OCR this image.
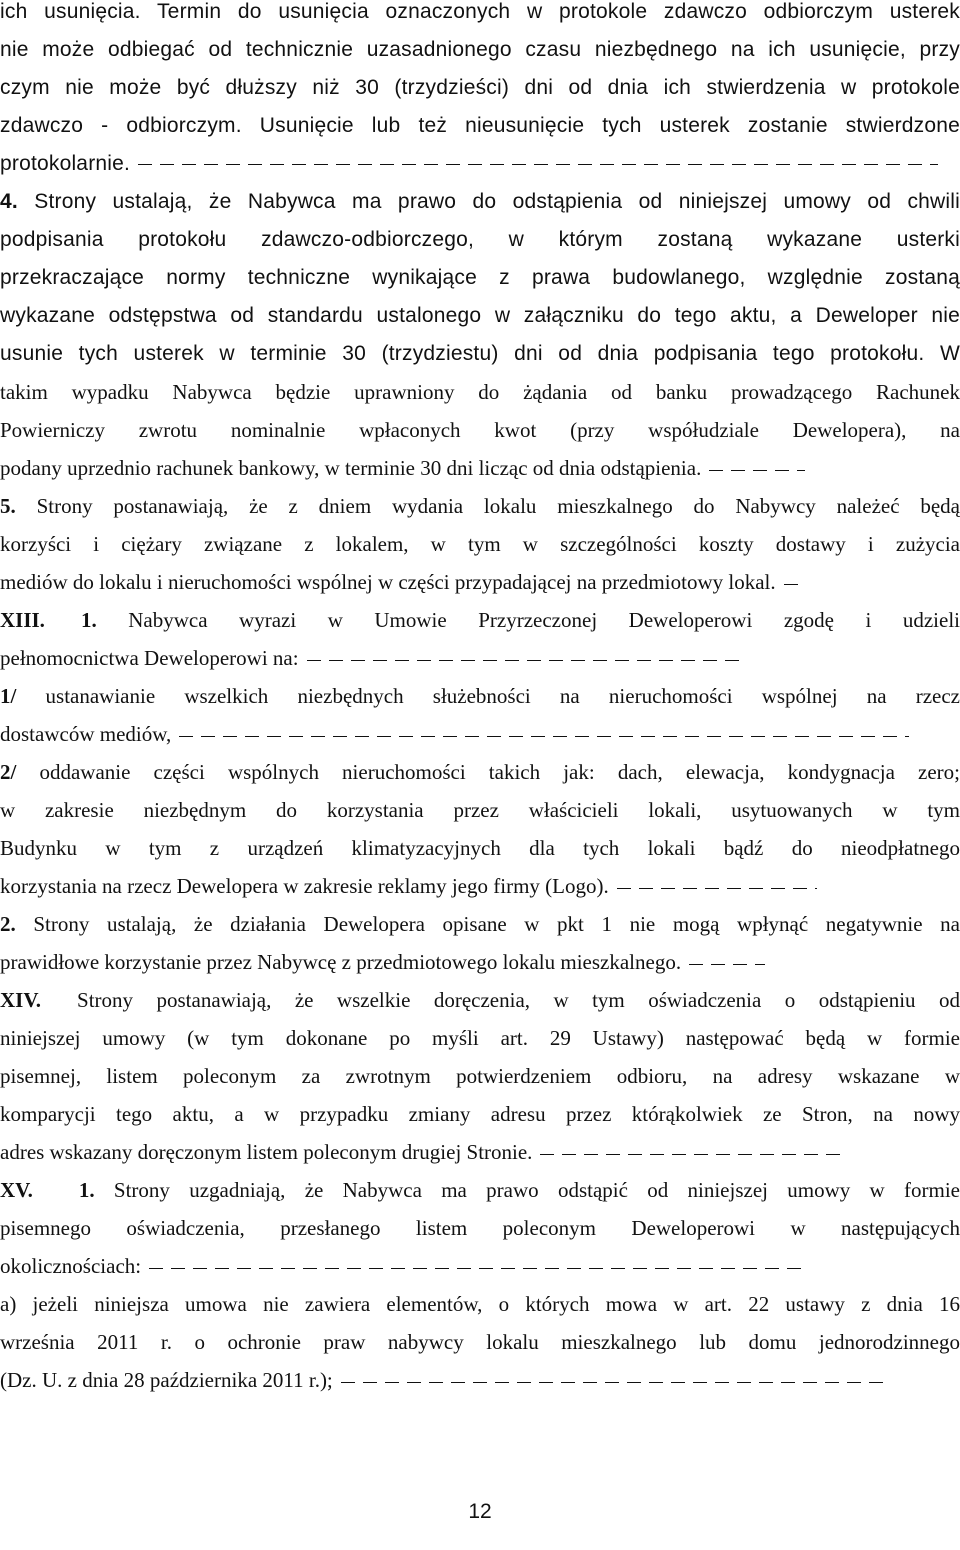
ich usunięcia. Termin do usunięcia oznaczonych w protokole zdawczo odbiorczym usterek
nie może odbiegać od technicznie uzasadnionego czasu niezbędnego na ich usunięcie, przy
czym nie może być dłuższy niż 30 (trzydzieści) dni od dnia ich stwierdzenia w protokole
zdawczo - odbiorczym. Usunięcie lub też nieusunięcie tych usterek zostanie stwierdzone
protokolarnie.
4. Strony ustalają, że Nabywca ma prawo do odstąpienia od niniejszej umowy od chwili
podpisania protokołu zdawczo-odbiorczego, w którym zostaną wykazane usterki
przekraczające normy techniczne wynikające z prawa budowlanego, względnie zostaną
wykazane odstępstwa od standardu ustalonego w załączniku do tego aktu, a Deweloper nie
usunie tych usterek w terminie 30 (trzydziestu) dni od dnia podpisania tego protokołu. W
takim wypadku Nabywca będzie uprawniony do żądania od banku prowadzącego Rachunek
Powierniczy zwrotu nominalnie wpłaconych kwot (przy współudziale Dewelopera), na
podany uprzednio rachunek bankowy, w terminie 30 dni licząc od dnia odstąpienia.
5. Strony postanawiają, że z dniem wydania lokalu mieszkalnego do Nabywcy należeć będą
korzyści i ciężary związane z lokalem, w tym w szczególności koszty dostawy i zużycia
mediów do lokalu i nieruchomości wspólnej w części przypadającej na przedmiotowy lokal.
XIII. 1. Nabywca wyrazi w Umowie Przyrzeczonej Deweloperowi zgodę i udzieli
pełnomocnictwa Deweloperowi na:
1/ ustanawianie wszelkich niezbędnych służebności na nieruchomości wspólnej na rzecz
dostawców mediów,
2/ oddawanie części wspólnych nieruchomości takich jak: dach, elewacja, kondygnacja zero;
w zakresie niezbędnym do korzystania przez właścicieli lokali, usytuowanych w tym
Budynku w tym z urządzeń klimatyzacyjnych dla tych lokali bądź do nieodpłatnego
korzystania na rzecz Dewelopera w zakresie reklamy jego firmy (Logo).
2. Strony ustalają, że działania Dewelopera opisane w pkt 1 nie mogą wpłynąć negatywnie na
prawidłowe korzystanie przez Nabywcę z przedmiotowego lokalu mieszkalnego.
XIV. Strony postanawiają, że wszelkie doręczenia, w tym oświadczenia o odstąpieniu od
niniejszej umowy (w tym dokonane po myśli art. 29 Ustawy) następować będą w formie
pisemnej, listem poleconym za zwrotnym potwierdzeniem odbioru, na adresy wskazane w
komparycji tego aktu, a w przypadku zmiany adresu przez którąkolwiek ze Stron, na nowy
adres wskazany doręczonym listem poleconym drugiej Stronie.
XV. 1. Strony uzgadniają, że Nabywca ma prawo odstąpić od niniejszej umowy w formie
pisemnego oświadczenia, przesłanego listem poleconym Deweloperowi w następujących
okolicznościach:
a) jeżeli niniejsza umowa nie zawiera elementów, o których mowa w art. 22 ustawy z dnia 16
września 2011 r. o ochronie praw nabywcy lokalu mieszkalnego lub domu jednorodzinnego
(Dz. U. z dnia 28 października 2011 r.);
12
